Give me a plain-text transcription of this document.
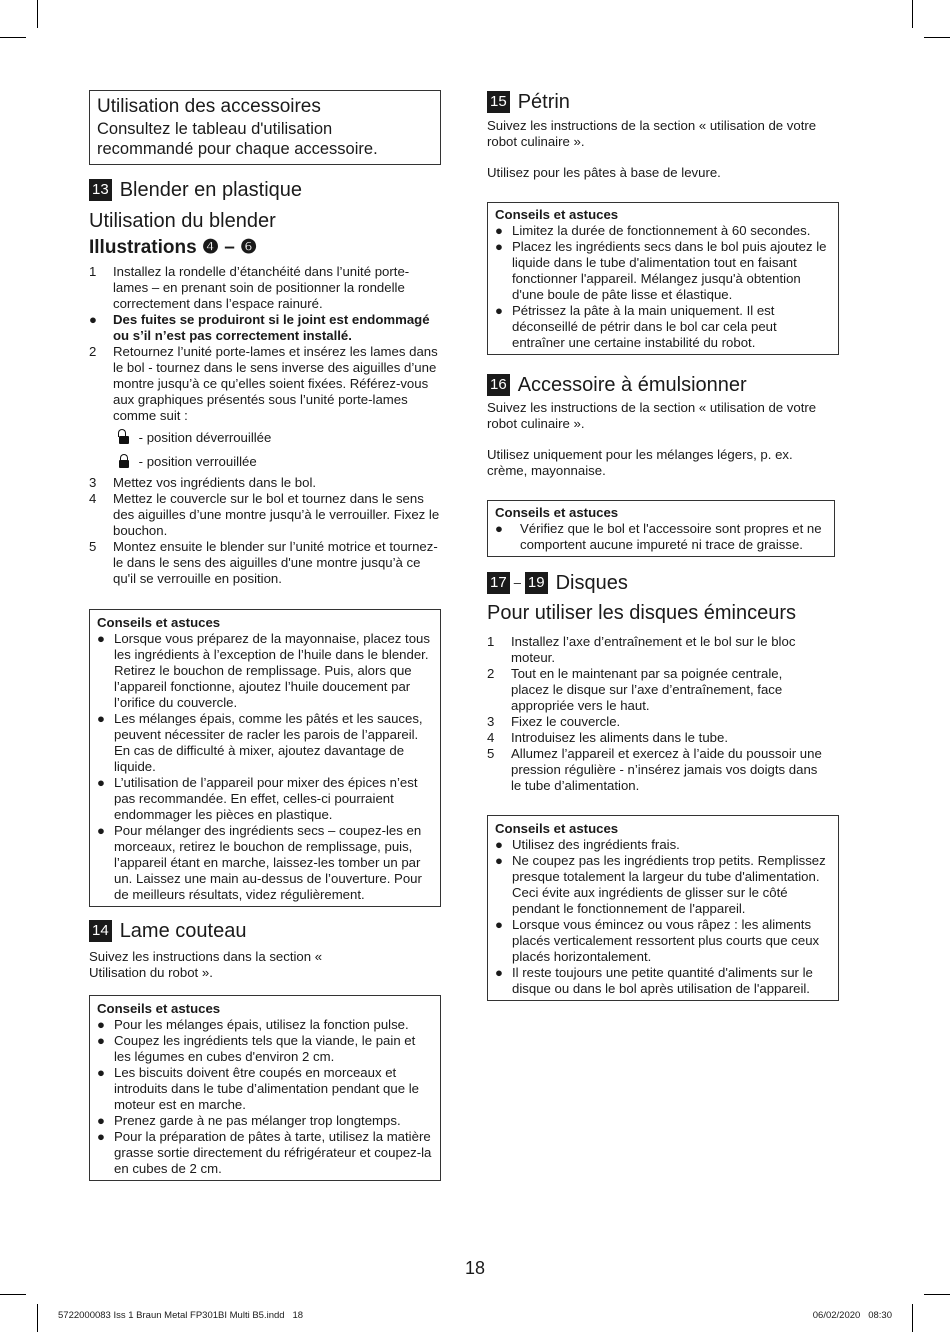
Utilisation des accessoires
Consultez le tableau d'utilisation recommandé pour chaque accessoire.
13 Blender en plastique
Utilisation du blender
Illustrations ❹ – ❻
1 Installez la rondelle d’étanchéité dans l’unité porte-lames – en prenant soin de positionner la rondelle correctement dans l’espace rainuré.
● Des fuites se produiront si le joint est endommagé ou s’il n’est pas correctement installé.
2 Retournez l’unité porte-lames et insérez les lames dans le bol - tournez dans le sens inverse des aiguilles d’une montre jusqu’à ce qu’elles soient fixées. Référez-vous aux graphiques présentés sous l’unité porte-lames comme suit :
- position déverrouillée
- position verrouillée
3 Mettez vos ingrédients dans le bol.
4 Mettez le couvercle sur le bol et tournez dans le sens des aiguilles d’une montre jusqu’à le verrouiller. Fixez le bouchon.
5 Montez ensuite le blender sur l’unité motrice et tournez-le dans le sens des aiguilles d'une montre jusqu’à ce qu'il se verrouille en position.
Conseils et astuces
● Lorsque vous préparez de la mayonnaise, placez tous les ingrédients à l’exception de l’huile dans le blender. Retirez le bouchon de remplissage. Puis, alors que l’appareil fonctionne, ajoutez l’huile doucement par l’orifice du couvercle.
● Les mélanges épais, comme les pâtés et les sauces, peuvent nécessiter de racler les parois de l’appareil. En cas de difficulté à mixer, ajoutez davantage de liquide.
● L’utilisation de l’appareil pour mixer des épices n’est pas recommandée. En effet, celles-ci pourraient endommager les pièces en plastique.
● Pour mélanger des ingrédients secs – coupez-les en morceaux, retirez le bouchon de remplissage, puis, l’appareil étant en marche, laissez-les tomber un par un. Laissez une main au-dessus de l’ouverture. Pour de meilleurs résultats, videz régulièrement.
14 Lame couteau

Suivez les instructions dans la section « Utilisation du robot ».

Conseils et astuces
● Pour les mélanges épais, utilisez la fonction pulse.
● Coupez les ingrédients tels que la viande, le pain et les légumes en cubes d'environ 2 cm.
● Les biscuits doivent être coupés en morceaux et introduits dans le tube d’alimentation pendant que le moteur est en marche.
● Prenez garde à ne pas mélanger trop longtemps.
● Pour la préparation de pâtes à tarte, utilisez la matière grasse sortie directement du réfrigérateur et coupez-la en cubes de 2 cm.
15 Pétrin

Suivez les instructions de la section « utilisation de votre robot culinaire ».

Utilisez pour les pâtes à base de levure.

Conseils et astuces
● Limitez la durée de fonctionnement à 60 secondes.
● Placez les ingrédients secs dans le bol puis ajoutez le liquide dans le tube d'alimentation tout en faisant fonctionner l'appareil. Mélangez jusqu'à obtention d'une boule de pâte lisse et élastique.
● Pétrissez la pâte à la main uniquement. Il est déconseillé de pétrir dans le bol car cela peut entraîner une certaine instabilité du robot.
16 Accessoire à émulsionner

Suivez les instructions de la section « utilisation de votre robot culinaire ».

Utilisez uniquement pour les mélanges légers, p. ex. crème, mayonnaise.

Conseils et astuces
● Vérifiez que le bol et l'accessoire sont propres et ne comportent aucune impureté ni trace de graisse.
17 – 19 Disques
Pour utiliser les disques éminceurs
1 Installez l’axe d’entraînement et le bol sur le bloc moteur.
2 Tout en le maintenant par sa poignée centrale, placez le disque sur l’axe d’entraînement, face appropriée vers le haut.
3 Fixez le couvercle.
4 Introduisez les aliments dans le tube.
5 Allumez l’appareil et exercez à l’aide du poussoir une pression régulière - n’insérez jamais vos doigts dans le tube d’alimentation.
Conseils et astuces
● Utilisez des ingrédients frais.
● Ne coupez pas les ingrédients trop petits. Remplissez presque totalement la largeur du tube d'alimentation. Ceci évite aux ingrédients de glisser sur le côté pendant le fonctionnement de l'appareil.
● Lorsque vous émincez ou vous râpez : les aliments placés verticalement ressortent plus courts que ceux placés horizontalement.
● Il reste toujours une petite quantité d'aliments sur le disque ou dans le bol après utilisation de l'appareil.
18
5722000083 Iss 1 Braun Metal FP301BI Multi B5.indd   18	06/02/2020   08:30
